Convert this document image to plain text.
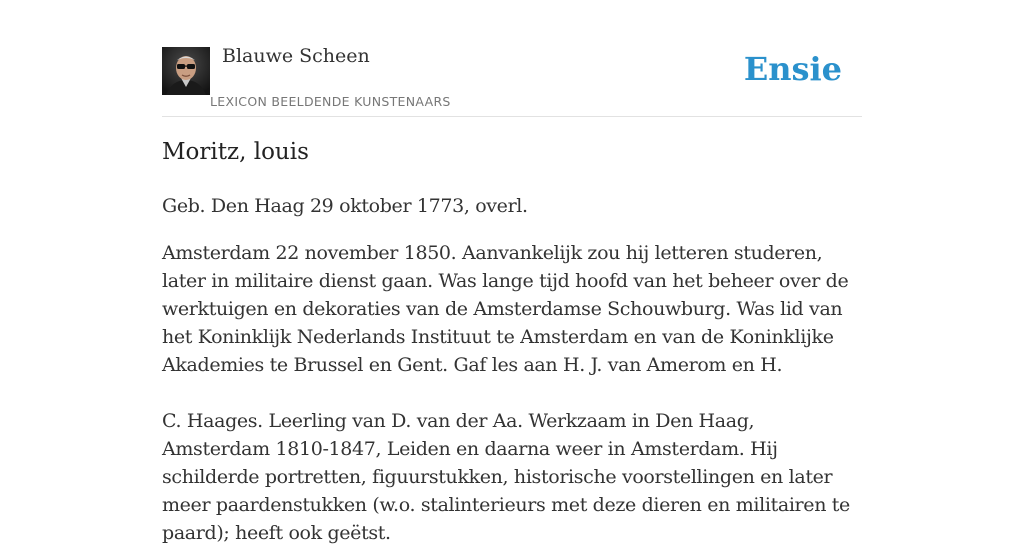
Blauwe Scheen
LEXICON BEELDENDE KUNSTENAARS
Ensie
Moritz, louis

Geb. Den Haag 29 oktober 1773, overl.

Amsterdam 22 november 1850. Aanvankelijk zou hij letteren studeren, later in militaire dienst gaan. Was lange tijd hoofd van het beheer over de werktuigen en dekoraties van de Amsterdamse Schouwburg. Was lid van het Koninklijk Nederlands Instituut te Amsterdam en van de Koninklijke Akademies te Brussel en Gent. Gaf les aan H. J. van Amerom en H.

C. Haages. Leerling van D. van der Aa. Werkzaam in Den Haag, Amsterdam 1810-1847, Leiden en daarna weer in Amsterdam. Hij schilderde portretten, figuurstukken, historische voorstellingen en later meer paardenstukken (w.o. stalinterieurs met deze dieren en militairen te paard); heeft ook geëtst.
